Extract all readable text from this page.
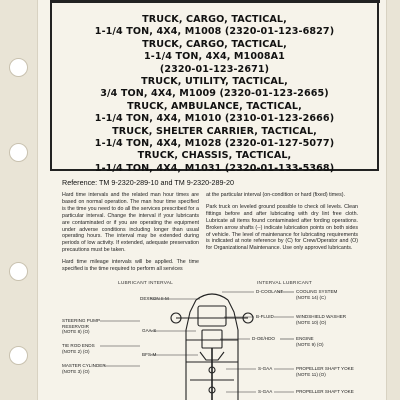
TRUCK, CARGO, TACTICAL,
1-1/4 TON, 4X4, M1008 (2320-01-123-6827)
TRUCK, CARGO, TACTICAL,
1-1/4 TON, 4X4, M1008A1
(2320-01-123-2671)
TRUCK, UTILITY, TACTICAL,
3/4 TON, 4X4, M1009 (2320-01-123-2665)
TRUCK, AMBULANCE, TACTICAL,
1-1/4 TON, 4X4, M1010 (2310-01-123-2666)
TRUCK, SHELTER CARRIER, TACTICAL,
1-1/4 TON, 4X4, M1028 (2320-01-127-5077)
TRUCK, CHASSIS, TACTICAL,
1-1/4 TON, 4X4, M1031 (2320-01-133-5368)
Reference: TM 9-2320-289-10 and TM 9-2320-289-20

Hard time intervals and the related man hour times are based on normal operation. The man hour time specified is the time you need to do all the services prescribed for a particular interval. Change the interval if your lubricants are contaminated or if you are operating the equipment under adverse conditions including longer than usual operating hours. The interval may be extended during periods of low activity. If extended, adequate preservation precautions must be taken.

Hard time mileage intervals will be applied. The time specified is the time required to perform all services

at the particular interval (on-condition or hard (fixed) times).

Park truck on leveled ground possible to check oil levels. Clean fittings before and after lubricating with dry lint free cloth. Lubricate all items found contaminated after fording operations. Broken arrow shafts (--) indicate lubrication points on both sides of vehicle. The level of maintenance for lubricating requirements is indicated at note reference by (C) for Crew/Operator and (O) for Organizational Maintenance. Use only approved lubricants.

LUBRICANT INTERVAL	INTERVAL LUBRICANT
STEERING PUMP
RESERVOIR
(NOTE 8) (O)
TIE ROD ENDS
(NOTE 2) (O)
MASTER CYLINDER
(NOTE 3) (O)
DEXRON II-M
GAA-S
BFS-M
D-COOLANT
B-FLUID
D-OE/HDO
S-GAA
S-GAA
COOLING SYSTEM
(NOTE 14) (C)
WINDSHIELD WASHER
(NOTE 10) (O)
ENGINE
(NOTE 9) (O)
PROPELLER SHAFT YOKE
(NOTE 11) (O)
PROPELLER SHAFT YOKE
